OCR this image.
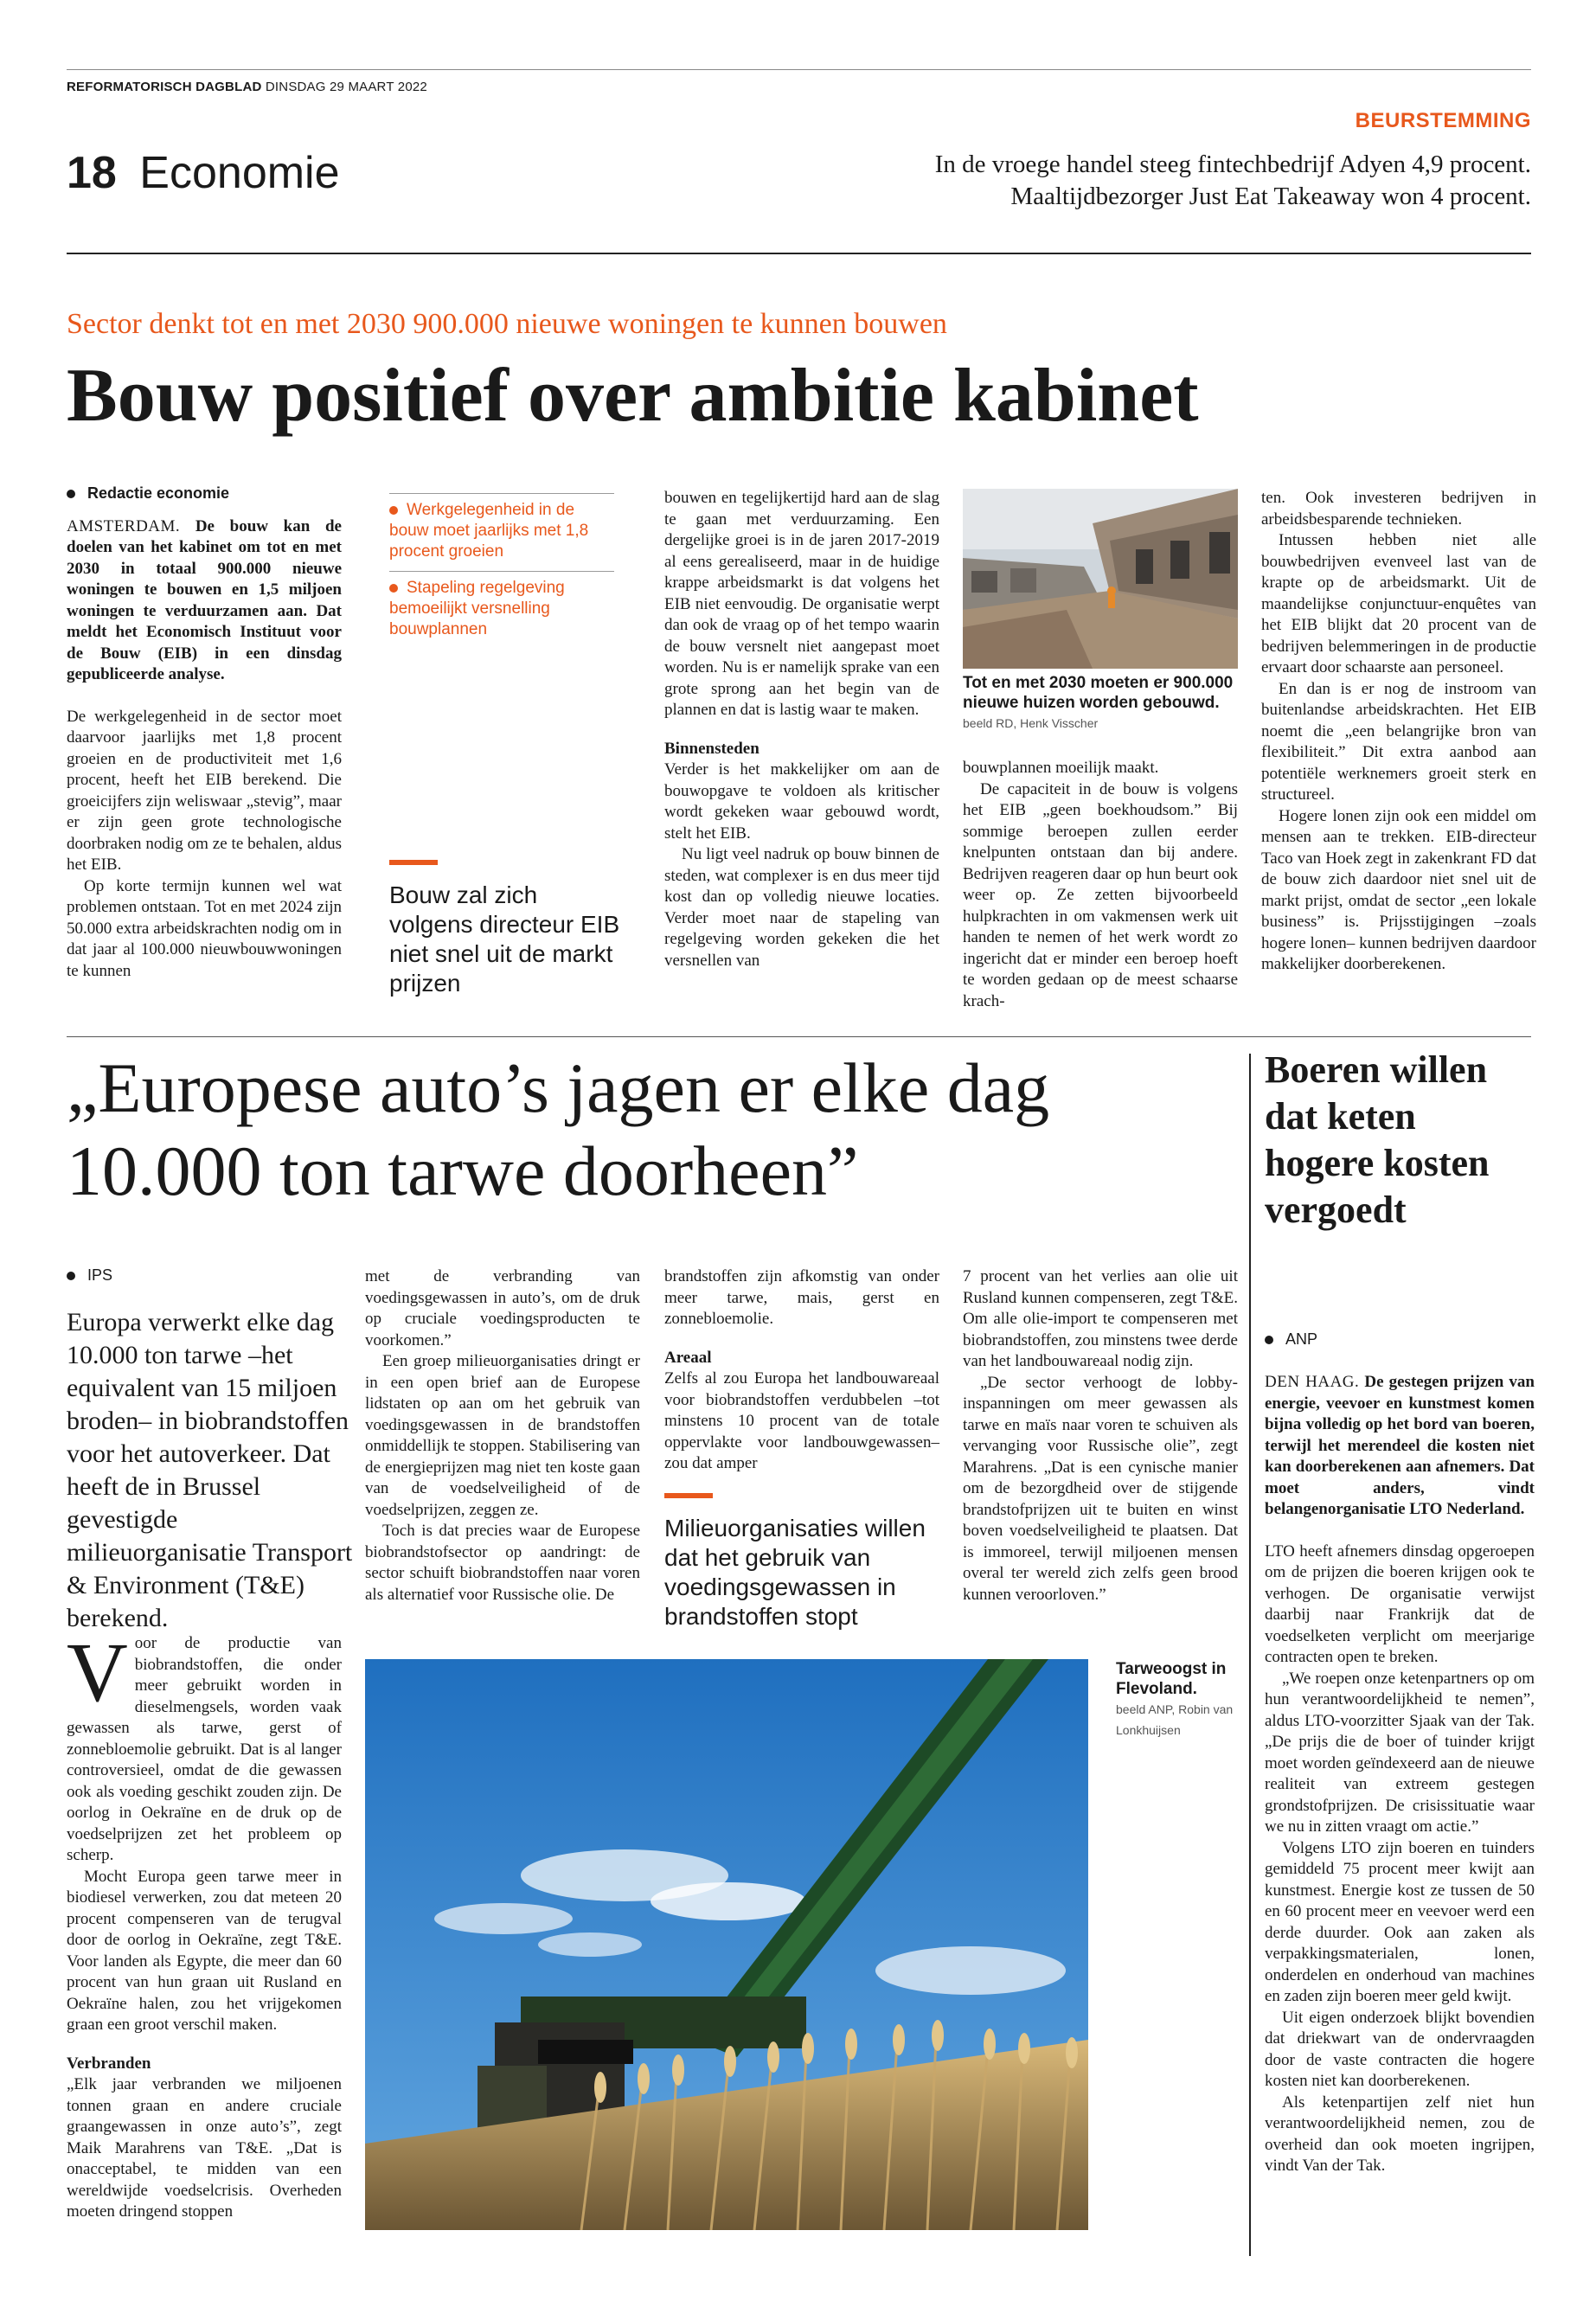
REFORMATORISCH DAGBLAD DINSDAG 29 MAART 2022
18 Economie
BEURSTEMMING
In de vroege handel steeg fintechbedrijf Adyen 4,9 procent.
Maaltijdbezorger Just Eat Takeaway won 4 procent.
Sector denkt tot en met 2030 900.000 nieuwe woningen te kunnen bouwen
Bouw positief over ambitie kabinet
Redactie economie

AMSTERDAM. De bouw kan de doelen van het kabinet om tot en met 2030 in totaal 900.000 nieuwe woningen te bouwen en 1,5 miljoen woningen te verduurzamen aan. Dat meldt het Economisch Instituut voor de Bouw (EIB) in een dinsdag gepubliceerde analyse.

De werkgelegenheid in de sector moet daarvoor jaarlijks met 1,8 procent groeien en de productiviteit met 1,6 procent, heeft het EIB berekend. Die groeicijfers zijn weliswaar „stevig”, maar er zijn geen grote technologische doorbraken nodig om ze te behalen, aldus het EIB.

Op korte termijn kunnen wel wat problemen ontstaan. Tot en met 2024 zijn 50.000 extra arbeidskrachten nodig om in dat jaar al 100.000 nieuwbouwwoningen te kunnen

Werkgelegenheid in de bouw moet jaarlijks met 1,8 procent groeien
Stapeling regelgeving bemoeilijkt versnelling bouwplannen
Bouw zal zich volgens directeur EIB niet snel uit de markt prijzen

bouwen en tegelijkertijd hard aan de slag te gaan met verduurzaming. Een dergelijke groei is in de jaren 2017-2019 al eens gerealiseerd, maar in de huidige krappe arbeidsmarkt is dat volgens het EIB niet eenvoudig. De organisatie werpt dan ook de vraag op of het tempo waarin de bouw versnelt niet aangepast moet worden. Nu is er namelijk sprake van een grote sprong aan het begin van de plannen en dat is lastig waar te maken.

Binnensteden

Verder is het makkelijker om aan de bouwopgave te voldoen als kritischer wordt gekeken waar gebouwd wordt, stelt het EIB.

Nu ligt veel nadruk op bouw binnen de steden, wat complexer is en dus meer tijd kost dan op volledig nieuwe locaties. Verder moet naar de stapeling van regelgeving worden gekeken die het versnellen van

Tot en met 2030 moeten er 900.000 nieuwe huizen worden gebouwd. beeld RD, Henk Visscher

bouwplannen moeilijk maakt.

De capaciteit in de bouw is volgens het EIB „geen boekhoudsom.” Bij sommige beroepen zullen eerder knelpunten ontstaan dan bij andere. Bedrijven reageren daar op hun beurt ook weer op. Ze zetten bijvoorbeeld hulpkrachten in om vakmensen werk uit handen te nemen of het werk wordt zo ingericht dat er minder een beroep hoeft te worden gedaan op de meest schaarse krach-

ten. Ook investeren bedrijven in arbeidsbesparende technieken.

Intussen hebben niet alle bouwbedrijven evenveel last van de krapte op de arbeidsmarkt. Uit de maandelijkse conjunctuur-enquêtes van het EIB blijkt dat 20 procent van de bedrijven belemmeringen in de productie ervaart door schaarste aan personeel.

En dan is er nog de instroom van buitenlandse arbeidskrachten. Het EIB noemt die „een belangrijke bron van flexibiliteit.” Dit extra aanbod aan potentiële werknemers groeit sterk en structureel.

Hogere lonen zijn ook een middel om mensen aan te trekken. EIB-directeur Taco van Hoek zegt in zakenkrant FD dat de bouw zich daardoor niet snel uit de markt prijst, omdat de sector „een lokale business” is. Prijsstijgingen –zoals hogere lonen– kunnen bedrijven daardoor makkelijker doorberekenen.

„Europese auto’s jagen er elke dag
10.000 ton tarwe doorheen”
IPS
Europa verwerkt elke dag 10.000 ton tarwe –het equivalent van 15 miljoen broden– in biobrandstoffen voor het autoverkeer. Dat heeft de in Brussel gevestigde milieuorganisatie Transport & Environment (T&E) berekend.

Voor de productie van biobrandstoffen, die onder meer gebruikt worden in dieselmengsels, worden vaak gewassen als tarwe, gerst of zonnebloemolie gebruikt. Dat is al langer controversieel, omdat de die gewassen ook als voeding geschikt zouden zijn. De oorlog in Oekraïne en de druk op de voedselprijzen zet het probleem op scherp.

Mocht Europa geen tarwe meer in biodiesel verwerken, zou dat meteen 20 procent compenseren van de terugval door de oorlog in Oekraïne, zegt T&E. Voor landen als Egypte, die meer dan 60 procent van hun graan uit Rusland en Oekraïne halen, zou het vrijgekomen graan een groot verschil maken.

Verbranden

„Elk jaar verbranden we miljoenen tonnen graan en andere cruciale graangewassen in onze auto’s”, zegt Maik Marahrens van T&E. „Dat is onacceptabel, te midden van een wereldwijde voedselcrisis. Overheden moeten dringend stoppen

met de verbranding van voedingsgewassen in auto’s, om de druk op cruciale voedingsproducten te voorkomen.”

Een groep milieuorganisaties dringt er in een open brief aan de Europese lidstaten op aan om het gebruik van voedingsgewassen in de brandstoffen onmiddellijk te stoppen. Stabilisering van de energieprijzen mag niet ten koste gaan van de voedselveiligheid of de voedselprijzen, zeggen ze.

Toch is dat precies waar de Europese biobrandstofsector op aandringt: de sector schuift biobrandstoffen naar voren als alternatief voor Russische olie. De

brandstoffen zijn afkomstig van onder meer tarwe, mais, gerst en zonnebloemolie.

Areaal

Zelfs al zou Europa het landbouwareaal voor biobrandstoffen verdubbelen –tot minstens 10 procent van de totale oppervlakte voor landbouwgewassen– zou dat amper

Milieuorganisaties willen dat het gebruik van voedingsgewassen in brandstoffen stopt

7 procent van het verlies aan olie uit Rusland kunnen compenseren, zegt T&E. Om alle olie-import te compenseren met biobrandstoffen, zou minstens twee derde van het landbouwareaal nodig zijn.

„De sector verhoogt de lobby-inspanningen om meer gewassen als tarwe en maïs naar voren te schuiven als vervanging voor Russische olie”, zegt Marahrens. „Dat is een cynische manier om de bezorgdheid over de stijgende brandstofprijzen uit te buiten en winst boven voedselveiligheid te plaatsen. Dat is immoreel, terwijl miljoenen mensen overal ter wereld zich zelfs geen brood kunnen veroorloven.”

Tarweoogst in Flevoland.
beeld ANP, Robin van Lonkhuijsen
Boeren willen dat keten hogere kosten vergoedt
ANP

DEN HAAG. De gestegen prijzen van energie, veevoer en kunstmest komen bijna volledig op het bord van boeren, terwijl het merendeel die kosten niet kan doorberekenen aan afnemers. Dat moet anders, vindt belangenorganisatie LTO Nederland.

LTO heeft afnemers dinsdag opgeroepen om de prijzen die boeren krijgen ook te verhogen. De organisatie verwijst daarbij naar Frankrijk dat de voedselketen verplicht om meerjarige contracten open te breken.

„We roepen onze ketenpartners op om hun verantwoordelijkheid te nemen”, aldus LTO-voorzitter Sjaak van der Tak. „De prijs die de boer of tuinder krijgt moet worden geïndexeerd aan de nieuwe realiteit van extreem gestegen grondstofprijzen. De crisissituatie waar we nu in zitten vraagt om actie.”

Volgens LTO zijn boeren en tuinders gemiddeld 75 procent meer kwijt aan kunstmest. Energie kost ze tussen de 50 en 60 procent meer en veevoer werd een derde duurder. Ook aan zaken als verpakkingsmaterialen, lonen, onderdelen en onderhoud van machines en zaden zijn boeren meer geld kwijt.

Uit eigen onderzoek blijkt bovendien dat driekwart van de ondervraagden door de vaste contracten die hogere kosten niet kan doorberekenen.

Als ketenpartijen zelf niet hun verantwoordelijkheid nemen, zou de overheid dan ook moeten ingrijpen, vindt Van der Tak.
